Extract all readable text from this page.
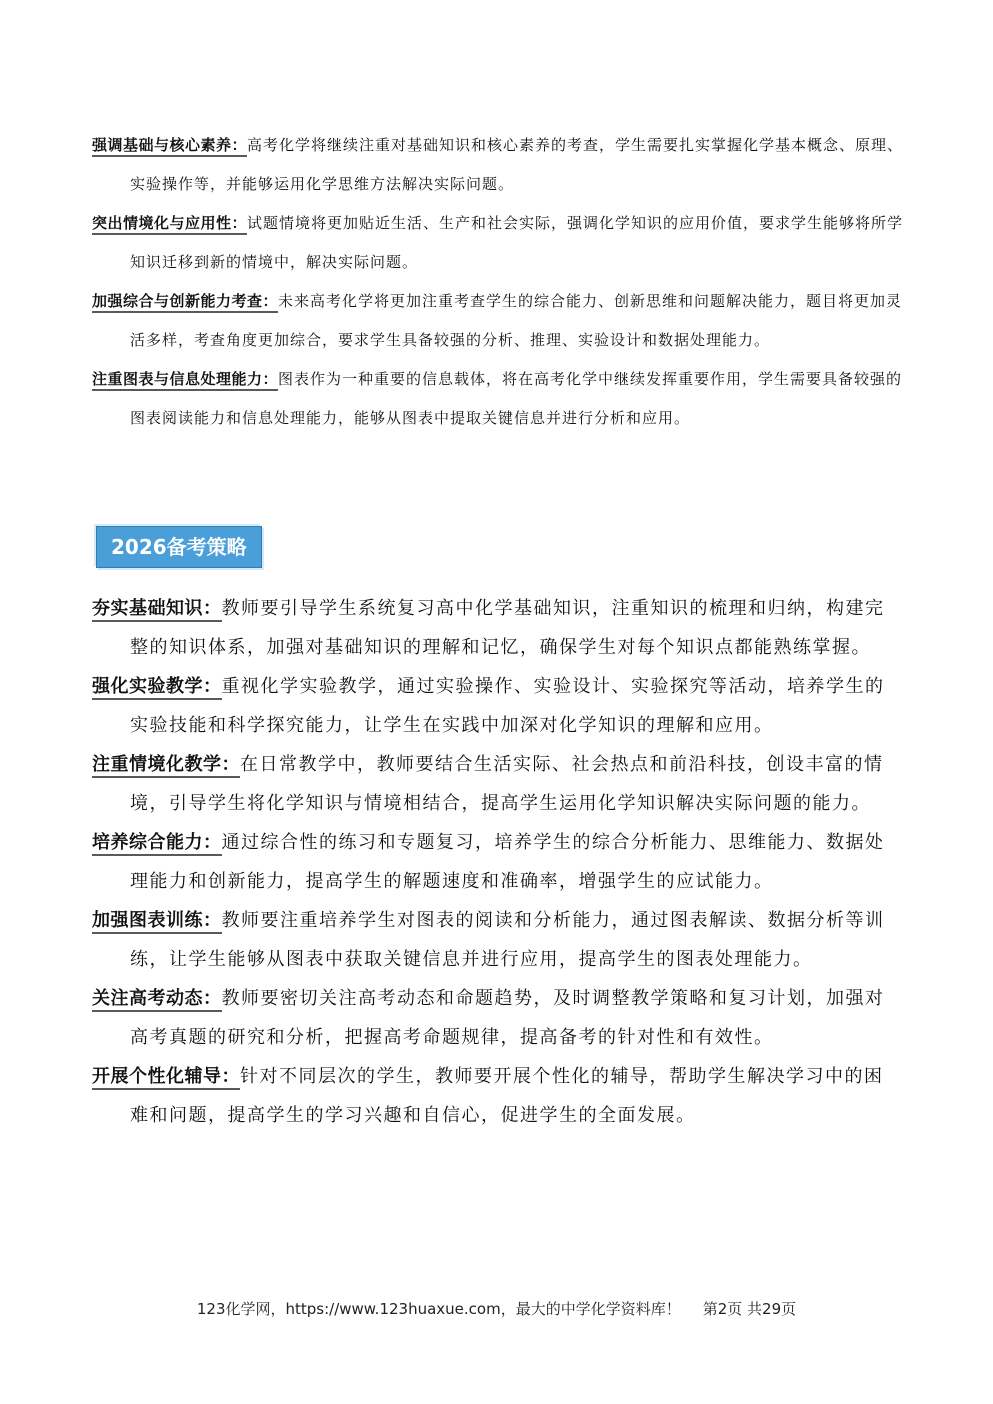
强调基础与核心素养：高考化学将继续注重对基础知识和核心素养的考查，学生需要扎实掌握化学基本概念、原理、实验操作等，并能够运用化学思维方法解决实际问题。

突出情境化与应用性：试题情境将更加贴近生活、生产和社会实际，强调化学知识的应用价值，要求学生能够将所学知识迁移到新的情境中，解决实际问题。

加强综合与创新能力考查：未来高考化学将更加注重考查学生的综合能力、创新思维和问题解决能力，题目将更加灵活多样，考查角度更加综合，要求学生具备较强的分析、推理、实验设计和数据处理能力。

注重图表与信息处理能力：图表作为一种重要的信息载体，将在高考化学中继续发挥重要作用，学生需要具备较强的图表阅读能力和信息处理能力，能够从图表中提取关键信息并进行分析和应用。

2026备考策略

夯实基础知识：教师要引导学生系统复习高中化学基础知识，注重知识的梳理和归纳，构建完整的知识体系，加强对基础知识的理解和记忆，确保学生对每个知识点都能熟练掌握。

强化实验教学：重视化学实验教学，通过实验操作、实验设计、实验探究等活动，培养学生的实验技能和科学探究能力，让学生在实践中加深对化学知识的理解和应用。

注重情境化教学：在日常教学中，教师要结合生活实际、社会热点和前沿科技，创设丰富的情境，引导学生将化学知识与情境相结合，提高学生运用化学知识解决实际问题的能力。

培养综合能力：通过综合性的练习和专题复习，培养学生的综合分析能力、思维能力、数据处理能力和创新能力，提高学生的解题速度和准确率，增强学生的应试能力。

加强图表训练：教师要注重培养学生对图表的阅读和分析能力，通过图表解读、数据分析等训练，让学生能够从图表中获取关键信息并进行应用，提高学生的图表处理能力。

关注高考动态：教师要密切关注高考动态和命题趋势，及时调整教学策略和复习计划，加强对高考真题的研究和分析，把握高考命题规律，提高备考的针对性和有效性。

开展个性化辅导：针对不同层次的学生，教师要开展个性化的辅导，帮助学生解决学习中的困难和问题，提高学生的学习兴趣和自信心，促进学生的全面发展。

123化学网，https://www.123huaxue.com，最大的中学化学资料库！ 第2页 共29页
